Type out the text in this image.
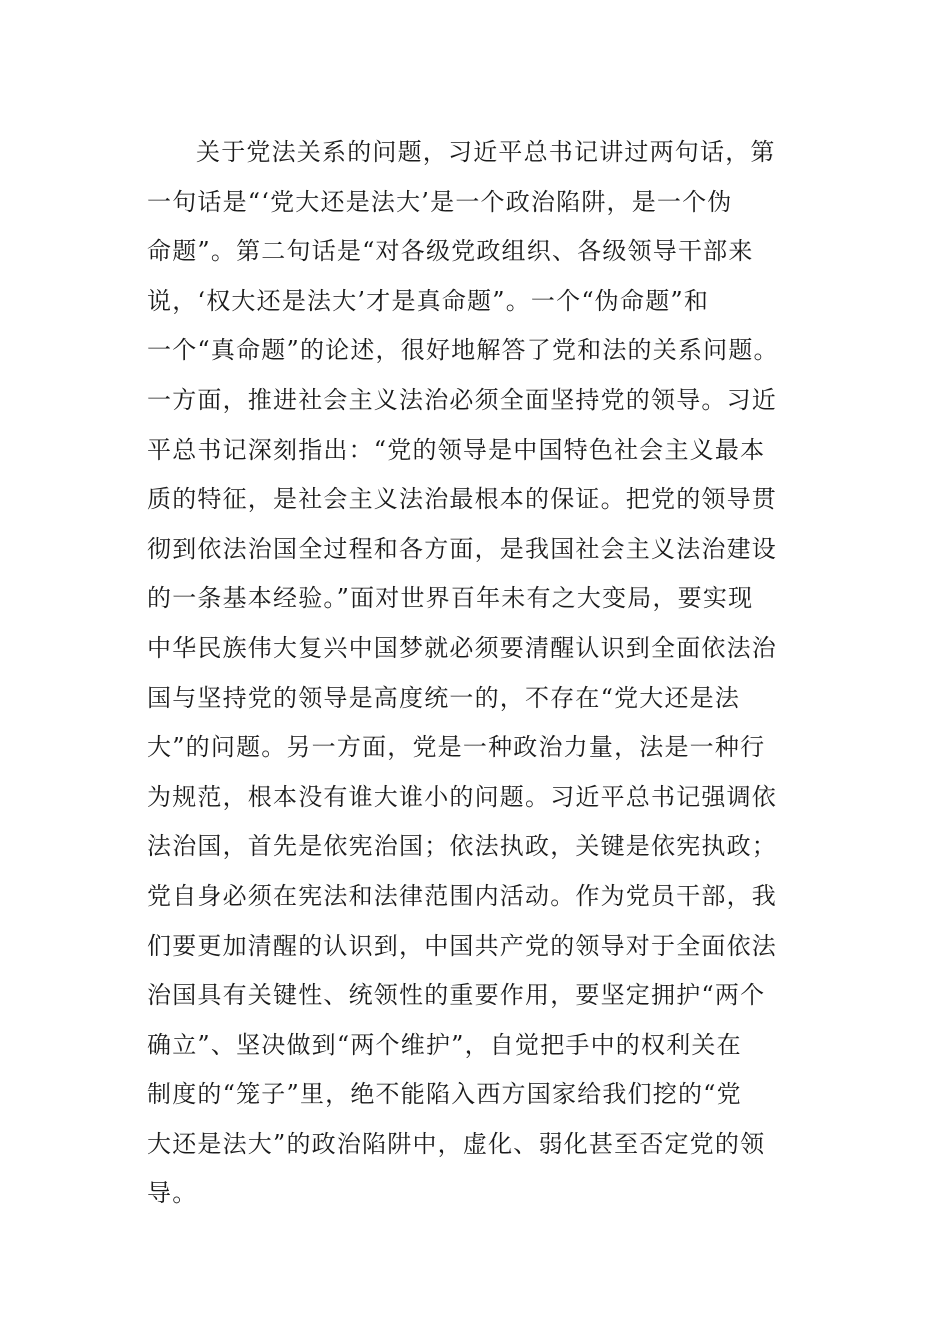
关于党法关系的问题，习近平总书记讲过两句话，第
一句话是“‘党大还是法大’是一个政治陷阱，是一个伪
命题”。第二句话是“对各级党政组织、各级领导干部来
说，‘权大还是法大’才是真命题”。一个“伪命题”和
一个“真命题”的论述，很好地解答了党和法的关系问题。
一方面，推进社会主义法治必须全面坚持党的领导。习近
平总书记深刻指出：“党的领导是中国特色社会主义最本
质的特征，是社会主义法治最根本的保证。把党的领导贯
彻到依法治国全过程和各方面，是我国社会主义法治建设
的一条基本经验。”面对世界百年未有之大变局，要实现
中华民族伟大复兴中国梦就必须要清醒认识到全面依法治
国与坚持党的领导是高度统一的，不存在“党大还是法
大”的问题。另一方面，党是一种政治力量，法是一种行
为规范，根本没有谁大谁小的问题。习近平总书记强调依
法治国，首先是依宪治国；依法执政，关键是依宪执政；
党自身必须在宪法和法律范围内活动。作为党员干部，我
们要更加清醒的认识到，中国共产党的领导对于全面依法
治国具有关键性、统领性的重要作用，要坚定拥护“两个
确立”、坚决做到“两个维护”，自觉把手中的权利关在
制度的“笼子”里，绝不能陷入西方国家给我们挖的“党
大还是法大”的政治陷阱中，虚化、弱化甚至否定党的领
导。
